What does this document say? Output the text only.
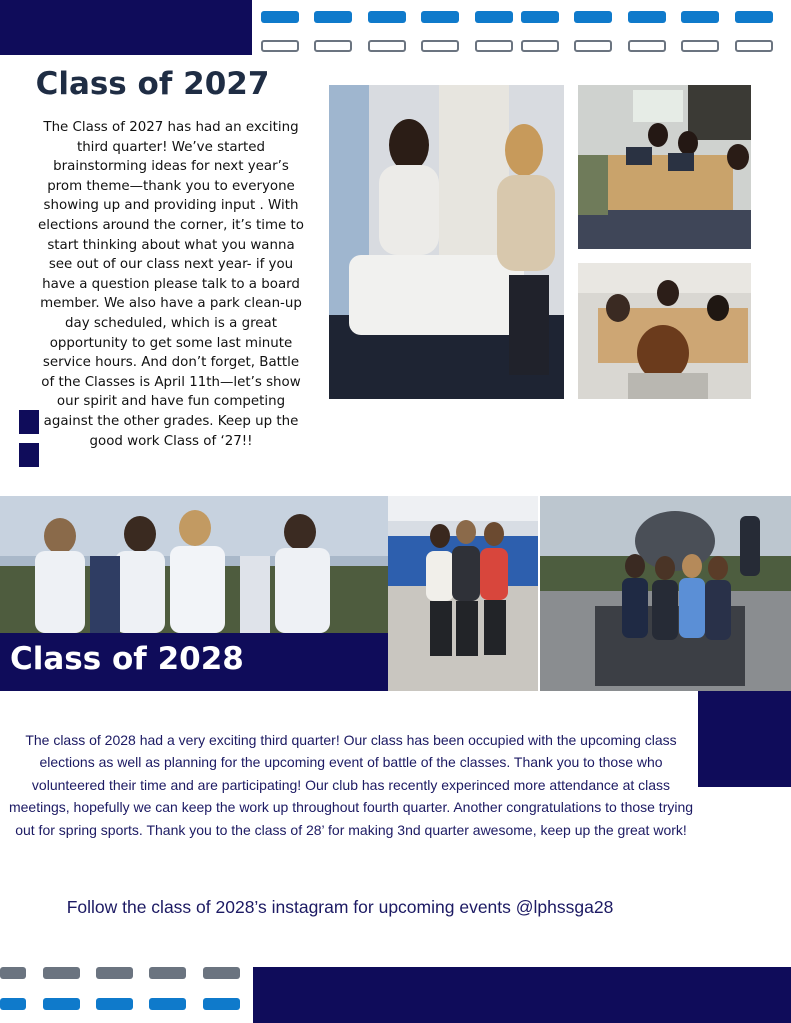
Class of 2027

The Class of 2027 has had an exciting third quarter! We’ve started brainstorming ideas for next year’s prom theme—thank you to everyone showing up and providing input . With elections around the corner, it’s time to start thinking about what you wanna see out of our class next year- if you have a question please talk to a board member. We also have a park clean-up day scheduled, which is a great opportunity to get some last minute service hours. And don’t forget, Battle of the Classes is April 11th—let’s show our spirit and have fun competing against the other grades. Keep up the good work Class of ‘27!!

Class of 2028

The class of 2028 had a very exciting third quarter! Our class has been occupied with the upcoming class elections as well as planning for the upcoming event of battle of the classes. Thank you to those who volunteered their time and are participating! Our club has recently experinced more attendance at class meetings, hopefully we can keep the work up throughout fourth quarter. Another congratulations to those trying out for spring sports. Thank you to the class of 28’ for making 3nd quarter awesome, keep up the great work!

Follow the class of 2028’s instagram for upcoming events @lphssga28
